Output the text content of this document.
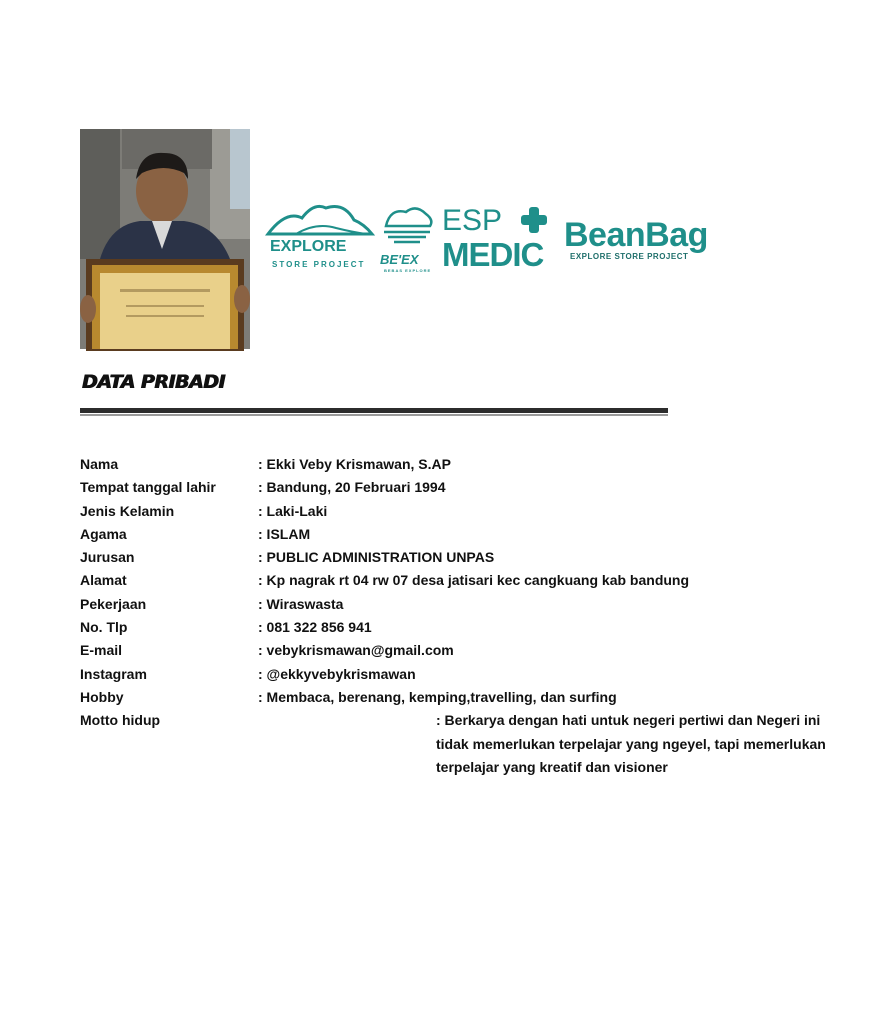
EXPLORE
STORE PROJECT BE'EX
BEBAS EXPLORE
ESP
MEDIC
BeanBag
EXPLORE STORE PROJECT
DATA PRIBADI
Nama	: Ekki Veby Krismawan, S.AP
Tempat tanggal lahir	: Bandung, 20 Februari 1994
Jenis Kelamin	: Laki-Laki
Agama	: ISLAM
Jurusan	: PUBLIC ADMINISTRATION UNPAS
Alamat	: Kp nagrak rt 04 rw 07 desa jatisari kec cangkuang kab bandung
Pekerjaan	: Wiraswasta
No. Tlp	: 081 322 856 941
E-mail	: vebykrismawan@gmail.com
Instagram	: @ekkyvebykrismawan
Hobby	: Membaca, berenang, kemping,travelling, dan surfing
Motto hidup	: Berkarya dengan hati untuk negeri pertiwi dan Negeri ini
tidak memerlukan terpelajar yang ngeyel, tapi memerlukan
terpelajar yang kreatif dan visioner
